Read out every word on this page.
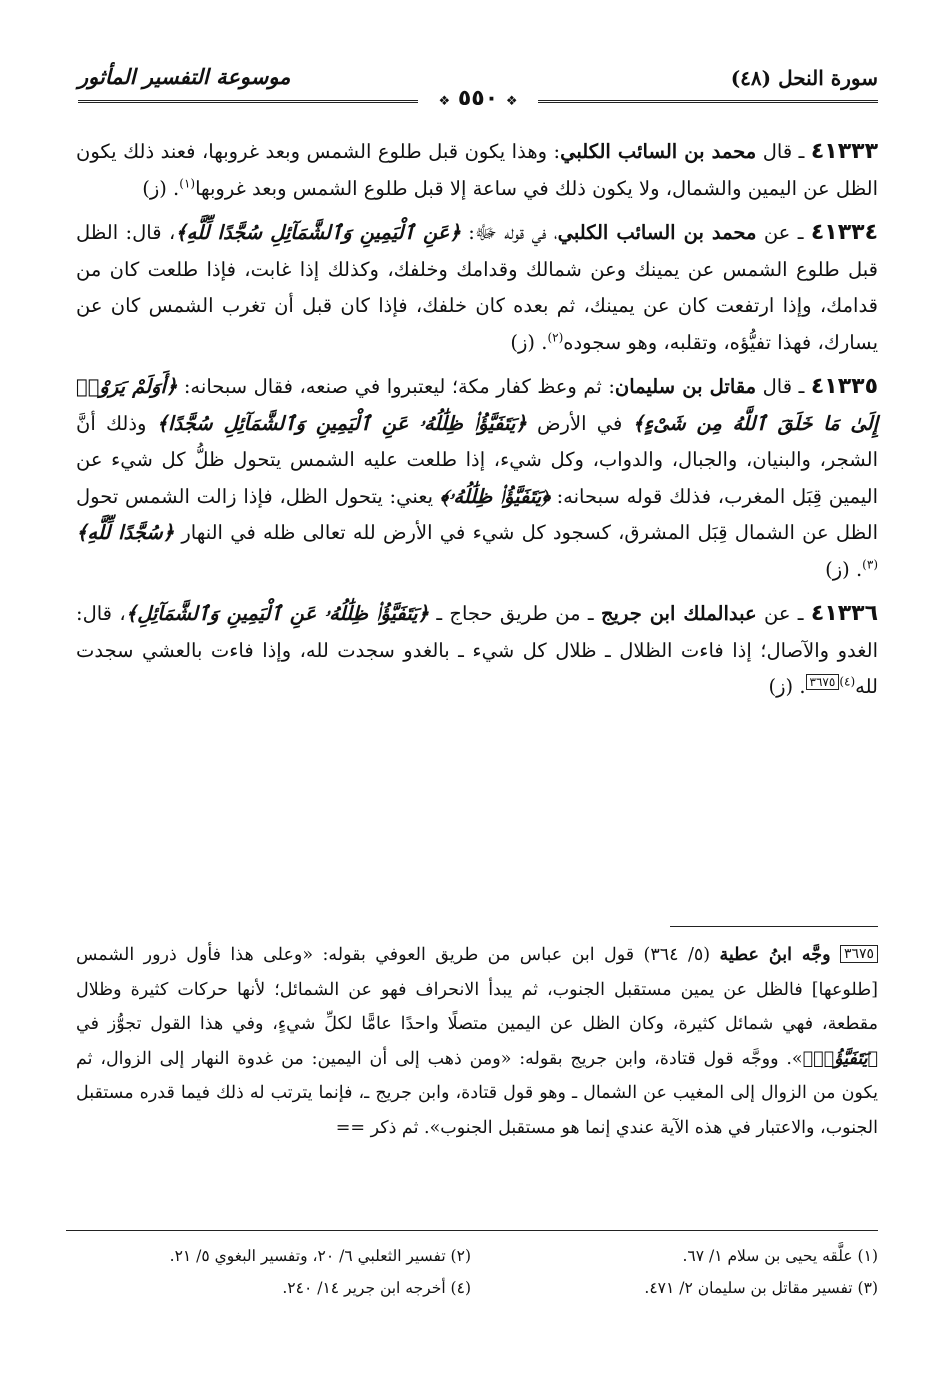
سورة النحل (٤٨)
موسوعة التفسير المأثور
❖ ٥٥٠ ❖

٤١٣٣٣ ـ قال محمد بن السائب الكلبي: وهذا يكون قبل طلوع الشمس وبعد غروبها، فعند ذلك يكون الظل عن اليمين والشمال، ولا يكون ذلك في ساعة إلا قبل طلوع الشمس وبعد غروبها$^{(١)}$. (ز)

٤١٣٣٤ ـ عن محمد بن السائب الكلبي، في قوله ﷻ: ﴿عَنِ ٱلْيَمِينِ وَٱلشَّمَآئِلِ سُجَّدًا لِّلَّهِ﴾، قال: الظل قبل طلوع الشمس عن يمينك وعن شمالك وقدامك وخلفك، وكذلك إذا غابت، فإذا طلعت كان من قدامك، وإذا ارتفعت كان عن يمينك، ثم بعده كان خلفك، فإذا كان قبل أن تغرب الشمس كان عن يسارك، فهذا تفيُّؤه، وتقلبه، وهو سجوده$^{(٢)}$. (ز)

٤١٣٣٥ ـ قال مقاتل بن سليمان: ثم وعظ كفار مكة؛ ليعتبروا في صنعه، فقال سبحانه: ﴿أَوَلَمْ يَرَوْا۟ إِلَىٰ مَا خَلَقَ ٱللَّهُ مِن شَىْءٍ﴾ في الأرض ﴿يَتَفَيَّؤُا۟ ظِلَٰلُهُۥ عَنِ ٱلْيَمِينِ وَٱلشَّمَآئِلِ سُجَّدًا﴾ وذلك أنَّ الشجر، والبنيان، والجبال، والدواب، وكل شيء، إذا طلعت عليه الشمس يتحول ظلُّ كل شيء عن اليمين قِبَل المغرب، فذلك قوله سبحانه: ﴿يَتَفَيَّؤُا۟ ظِلَٰلُهُۥ﴾ يعني: يتحول الظل، فإذا زالت الشمس تحول الظل عن الشمال قِبَل المشرق، كسجود كل شيء في الأرض لله تعالى ظله في النهار ﴿سُجَّدًا لِّلَّهِ﴾$^{(٣)}$. (ز)

٤١٣٣٦ ـ عن عبدالملك ابن جريج ـ من طريق حجاج ـ ﴿يَتَفَيَّؤُا۟ ظِلَٰلُهُۥ عَنِ ٱلْيَمِينِ وَٱلشَّمَآئِلِ﴾، قال: الغدو والآصال؛ إذا فاءت الظلال ـ ظلال كل شيء ـ بالغدو سجدت لله، وإذا فاءت بالعشي سجدت لله$^{(٤)}$٣٦٧٥. (ز)

٣٦٧٥ وجَّه ابنُ عطية (٥/ ٣٦٤) قول ابن عباس من طريق العوفي بقوله: «وعلى هذا فأول ذرور الشمس [طلوعها] فالظل عن يمين مستقبل الجنوب، ثم يبدأ الانحراف فهو عن الشمائل؛ لأنها حركات كثيرة وظلال مقطعة، فهي شمائل كثيرة، وكان الظل عن اليمين متصلًا واحدًا عامًّا لكلِّ شيءٍ، وفي هذا القول تجوُّز في ﴿يَتَفَيَّؤُا۟﴾». ووجَّه قول قتادة، وابن جريج بقوله: «ومن ذهب إلى أن اليمين: من غدوة النهار إلى الزوال، ثم يكون من الزوال إلى المغيب عن الشمال ـ وهو قول قتادة، وابن جريج ـ، فإنما يترتب له ذلك فيما قدره مستقبل الجنوب، والاعتبار في هذه الآية عندي إنما هو مستقبل الجنوب». ثم ذكر ==
(١) علَّقه يحيى بن سلام ١/ ٦٧.
(٢) تفسير الثعلبي ٦/ ٢٠، وتفسير البغوي ٥/ ٢١.
(٣) تفسير مقاتل بن سليمان ٢/ ٤٧١.
(٤) أخرجه ابن جرير ١٤/ ٢٤٠.
